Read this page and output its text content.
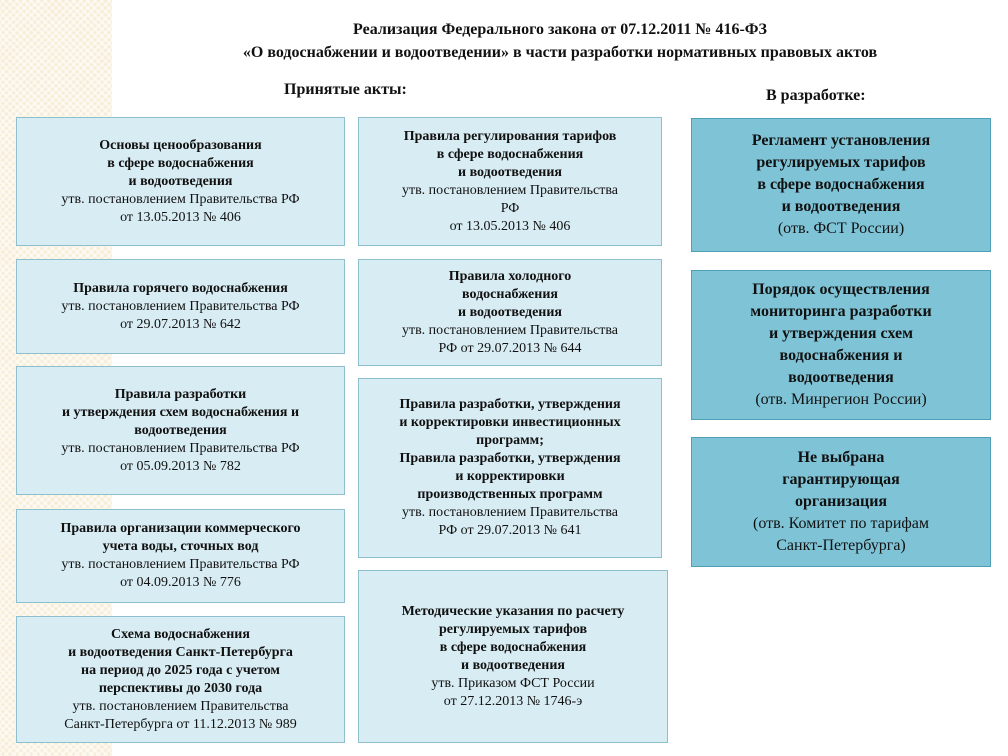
Реализация Федерального закона от 07.12.2011 № 416-ФЗ
«О водоснабжении и водоотведении» в части разработки нормативных правовых актов
Принятые акты:	В разработке:
Основы ценообразования
в сфере водоснабжения
и водоотведения
утв. постановлением Правительства РФ
от 13.05.2013 № 406
Правила горячего водоснабжения
утв. постановлением Правительства РФ
от 29.07.2013 № 642
Правила разработки
и утверждения схем водоснабжения и
водоотведения
утв. постановлением Правительства РФ
от 05.09.2013 № 782
Правила организации коммерческого
учета воды, сточных вод
утв. постановлением Правительства РФ
от 04.09.2013 № 776
Схема водоснабжения
и водоотведения Санкт-Петербурга
на период до 2025 года с учетом
перспективы до 2030 года
утв. постановлением Правительства
Санкт-Петербурга от 11.12.2013 № 989
Правила регулирования тарифов
в сфере водоснабжения
и водоотведения
утв. постановлением Правительства
РФ
от 13.05.2013 № 406
Правила холодного
водоснабжения
и водоотведения
утв. постановлением Правительства
РФ от 29.07.2013 № 644
Правила разработки, утверждения
и корректировки инвестиционных
программ;
Правила разработки, утверждения
и корректировки
производственных программ
утв. постановлением Правительства
РФ от 29.07.2013 № 641
Методические указания по расчету
регулируемых тарифов
в сфере водоснабжения
и водоотведения
утв. Приказом ФСТ России
от 27.12.2013 № 1746-э
Регламент установления
регулируемых тарифов
в сфере водоснабжения
и водоотведения
(отв. ФСТ России)
Порядок осуществления
мониторинга разработки
и утверждения схем
водоснабжения и
водоотведения
(отв. Минрегион России)
Не выбрана
гарантирующая
организация
(отв. Комитет по тарифам
Санкт-Петербурга)
